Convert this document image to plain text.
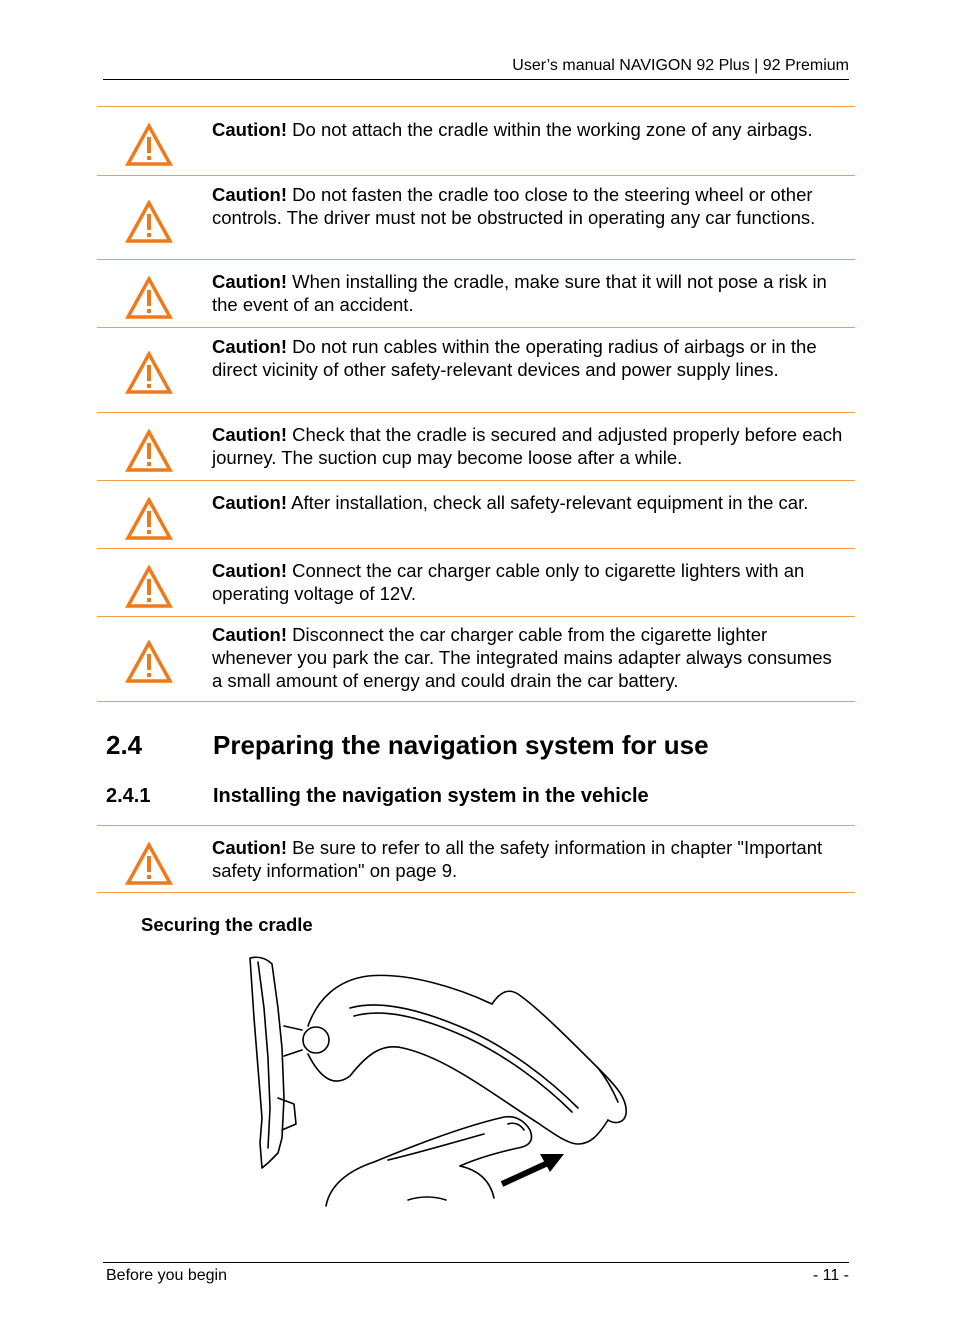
User’s manual NAVIGON 92 Plus | 92 Premium
Caution! Do not attach the cradle within the working zone of any airbags.
Caution! Do not fasten the cradle too close to the steering wheel or other controls. The driver must not be obstructed in operating any car functions.
Caution! When installing the cradle, make sure that it will not pose a risk in the event of an accident.
Caution! Do not run cables within the operating radius of airbags or in the direct vicinity of other safety-relevant devices and power supply lines.
Caution! Check that the cradle is secured and adjusted properly before each journey. The suction cup may become loose after a while.
Caution! After installation, check all safety-relevant equipment in the car.
Caution! Connect the car charger cable only to cigarette lighters with an operating voltage of 12V.
Caution! Disconnect the car charger cable from the cigarette lighter whenever you park the car. The integrated mains adapter always consumes a small amount of energy and could drain the car battery.
2.4	Preparing the navigation system for use
2.4.1	Installing the navigation system in the vehicle
Caution! Be sure to refer to all the safety information in chapter "Important safety information" on page 9.
Securing the cradle
Before you begin	- 11 -
